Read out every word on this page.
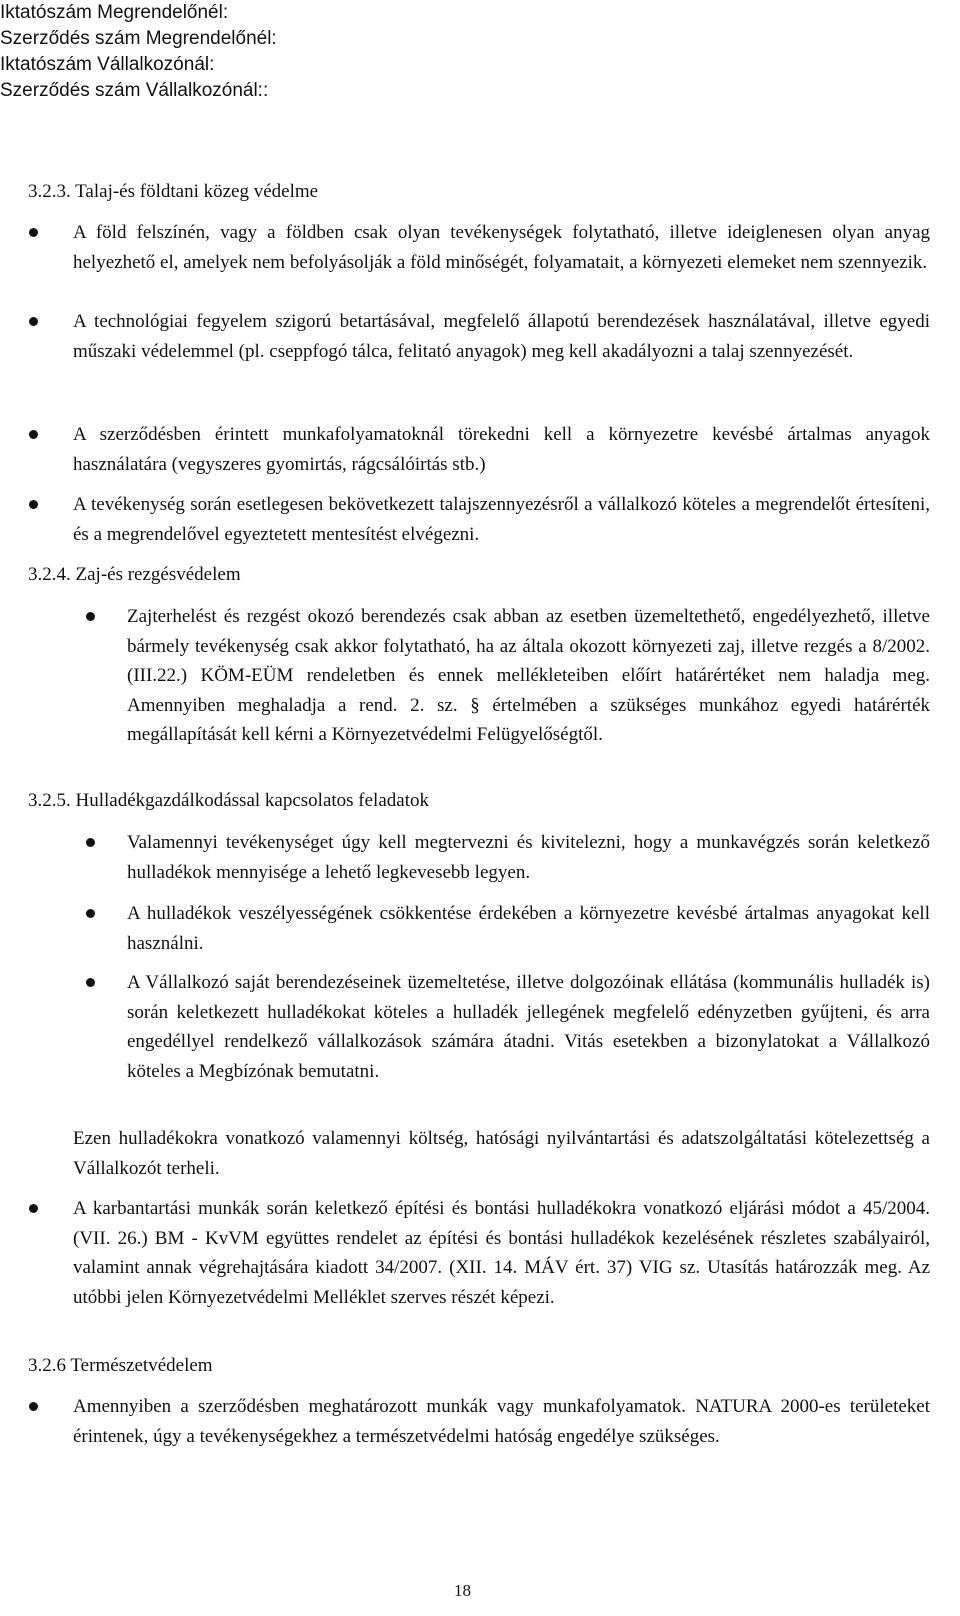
Iktatószám Megrendelőnél:
Szerződés szám Megrendelőnél:
Iktatószám Vállalkozónál:
Szerződés szám Vállalkozónál::
3.2.3. Talaj-és földtani közeg védelme
A föld felszínén, vagy a földben csak olyan tevékenységek folytatható, illetve ideiglenesen olyan anyag helyezhető el, amelyek nem befolyásolják a föld minőségét, folyamatait, a környezeti elemeket nem szennyezik.
A technológiai fegyelem szigorú betartásával, megfelelő állapotú berendezések használatával, illetve egyedi műszaki védelemmel (pl. cseppfogó tálca, felitató anyagok) meg kell akadályozni a talaj szennyezését.
A szerződésben érintett munkafolyamatoknál törekedni kell a környezetre kevésbé ártalmas anyagok használatára (vegyszeres gyomirtás, rágcsálóirtás stb.)
A tevékenység során esetlegesen bekövetkezett talajszennyezésről a vállalkozó köteles a megrendelőt értesíteni, és a megrendelővel egyeztetett mentesítést elvégezni.
3.2.4. Zaj-és rezgésvédelem
Zajterhelést és rezgést okozó berendezés csak abban az esetben üzemeltethető, engedélyezhető, illetve bármely tevékenység csak akkor folytatható, ha az általa okozott környezeti zaj, illetve rezgés a 8/2002. (III.22.) KÖM-EÜM rendeletben és ennek mellékleteiben előírt határértéket nem haladja meg. Amennyiben meghaladja a rend. 2. sz. § értelmében a szükséges munkához egyedi határérték megállapítását kell kérni a Környezetvédelmi Felügyelőségtől.
3.2.5. Hulladékgazdálkodással kapcsolatos feladatok
Valamennyi tevékenységet úgy kell megtervezni és kivitelezni, hogy a munkavégzés során keletkező hulladékok mennyisége a lehető legkevesebb legyen.
A hulladékok veszélyességének csökkentése érdekében a környezetre kevésbé ártalmas anyagokat kell használni.
A Vállalkozó saját berendezéseinek üzemeltetése, illetve dolgozóinak ellátása (kommunális hulladék is) során keletkezett hulladékokat köteles a hulladék jellegének megfelelő edényzetben gyűjteni, és arra engedéllyel rendelkező vállalkozások számára átadni. Vitás esetekben a bizonylatokat a Vállalkozó köteles a Megbízónak bemutatni.
Ezen hulladékokra vonatkozó valamennyi költség, hatósági nyilvántartási és adatszolgáltatási kötelezettség a Vállalkozót terheli.
A karbantartási munkák során keletkező építési és bontási hulladékokra vonatkozó eljárási módot a 45/2004. (VII. 26.) BM - KvVM együttes rendelet az építési és bontási hulladékok kezelésének részletes szabályairól, valamint annak végrehajtására kiadott 34/2007. (XII. 14. MÁV ért. 37) VIG sz. Utasítás határozzák meg. Az utóbbi jelen Környezetvédelmi Melléklet szerves részét képezi.
3.2.6 Természetvédelem
Amennyiben a szerződésben meghatározott munkák vagy munkafolyamatok. NATURA 2000-es területeket érintenek, úgy a tevékenységekhez a természetvédelmi hatóság engedélye szükséges.
18
